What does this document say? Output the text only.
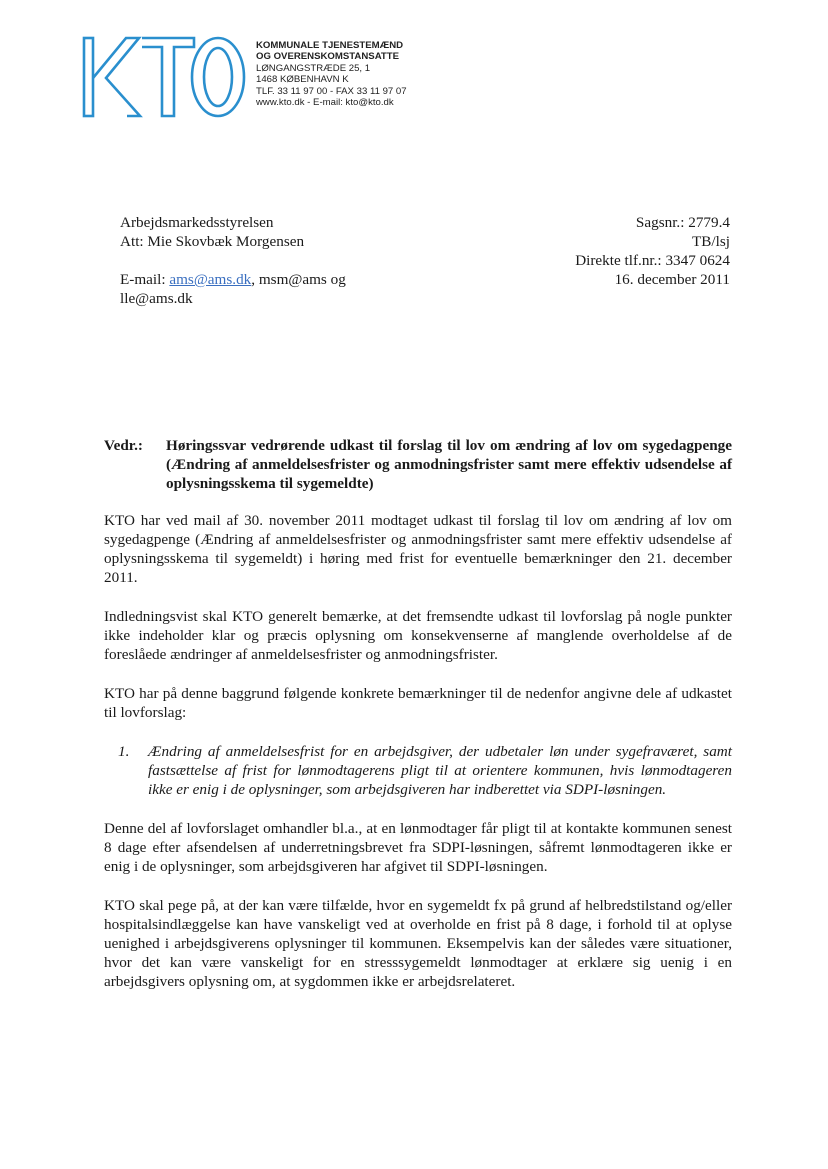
KOMMUNALE TJENESTEMÆND
OG OVERENSKOMSTANSATTE
LØNGANGSTRÆDE 25, 1
1468 KØBENHAVN K
TLF. 33 11 97 00 - FAX 33 11 97 07
www.kto.dk - E-mail: kto@kto.dk
Arbejdsmarkedsstyrelsen
Att: Mie Skovbæk Morgensen
E-mail: ams@ams.dk, msm@ams og
lle@ams.dk
Sagsnr.: 2779.4
TB/lsj
Direkte tlf.nr.: 3347 0624
16. december 2011
Vedr.:	Høringssvar vedrørende udkast til forslag til lov om ændring af lov om sygedagpenge (Ændring af anmeldelsesfrister og anmodningsfrister samt mere effektiv udsendelse af oplysningsskema til sygemeldte)

KTO har ved mail af 30. november 2011 modtaget udkast til forslag til lov om ændring af lov om sygedagpenge (Ændring af anmeldelsesfrister og anmodningsfrister samt mere effektiv udsendelse af oplysningsskema til sygemeldt) i høring med frist for eventuelle bemærkninger den 21. december 2011.

Indledningsvist skal KTO generelt bemærke, at det fremsendte udkast til lovforslag på nogle punkter ikke indeholder klar og præcis oplysning om konsekvenserne af manglende overholdelse af de foreslåede ændringer af anmeldelsesfrister og anmodningsfrister.

KTO har på denne baggrund følgende konkrete bemærkninger til de nedenfor angivne dele af udkastet til lovforslag:

1.	Ændring af anmeldelsesfrist for en arbejdsgiver, der udbetaler løn under sygefraværet, samt fastsættelse af frist for lønmodtagerens pligt til at orientere kommunen, hvis lønmodtageren ikke er enig i de oplysninger, som arbejdsgiveren har indberettet via SDPI-løsningen.

Denne del af lovforslaget omhandler bl.a., at en lønmodtager får pligt til at kontakte kommunen senest 8 dage efter afsendelsen af underretningsbrevet fra SDPI-løsningen, såfremt lønmodtageren ikke er enig i de oplysninger, som arbejdsgiveren har afgivet til SDPI-løsningen.

KTO skal pege på, at der kan være tilfælde, hvor en sygemeldt fx på grund af helbredstilstand og/eller hospitalsindlæggelse kan have vanskeligt ved at overholde en frist på 8 dage, i forhold til at oplyse uenighed i arbejdsgiverens oplysninger til kommunen. Eksempelvis kan der således være situationer, hvor det kan være vanskeligt for en stresssygemeldt lønmodtager at erklære sig uenig i en arbejdsgivers oplysning om, at sygdommen ikke er arbejdsrelateret.
